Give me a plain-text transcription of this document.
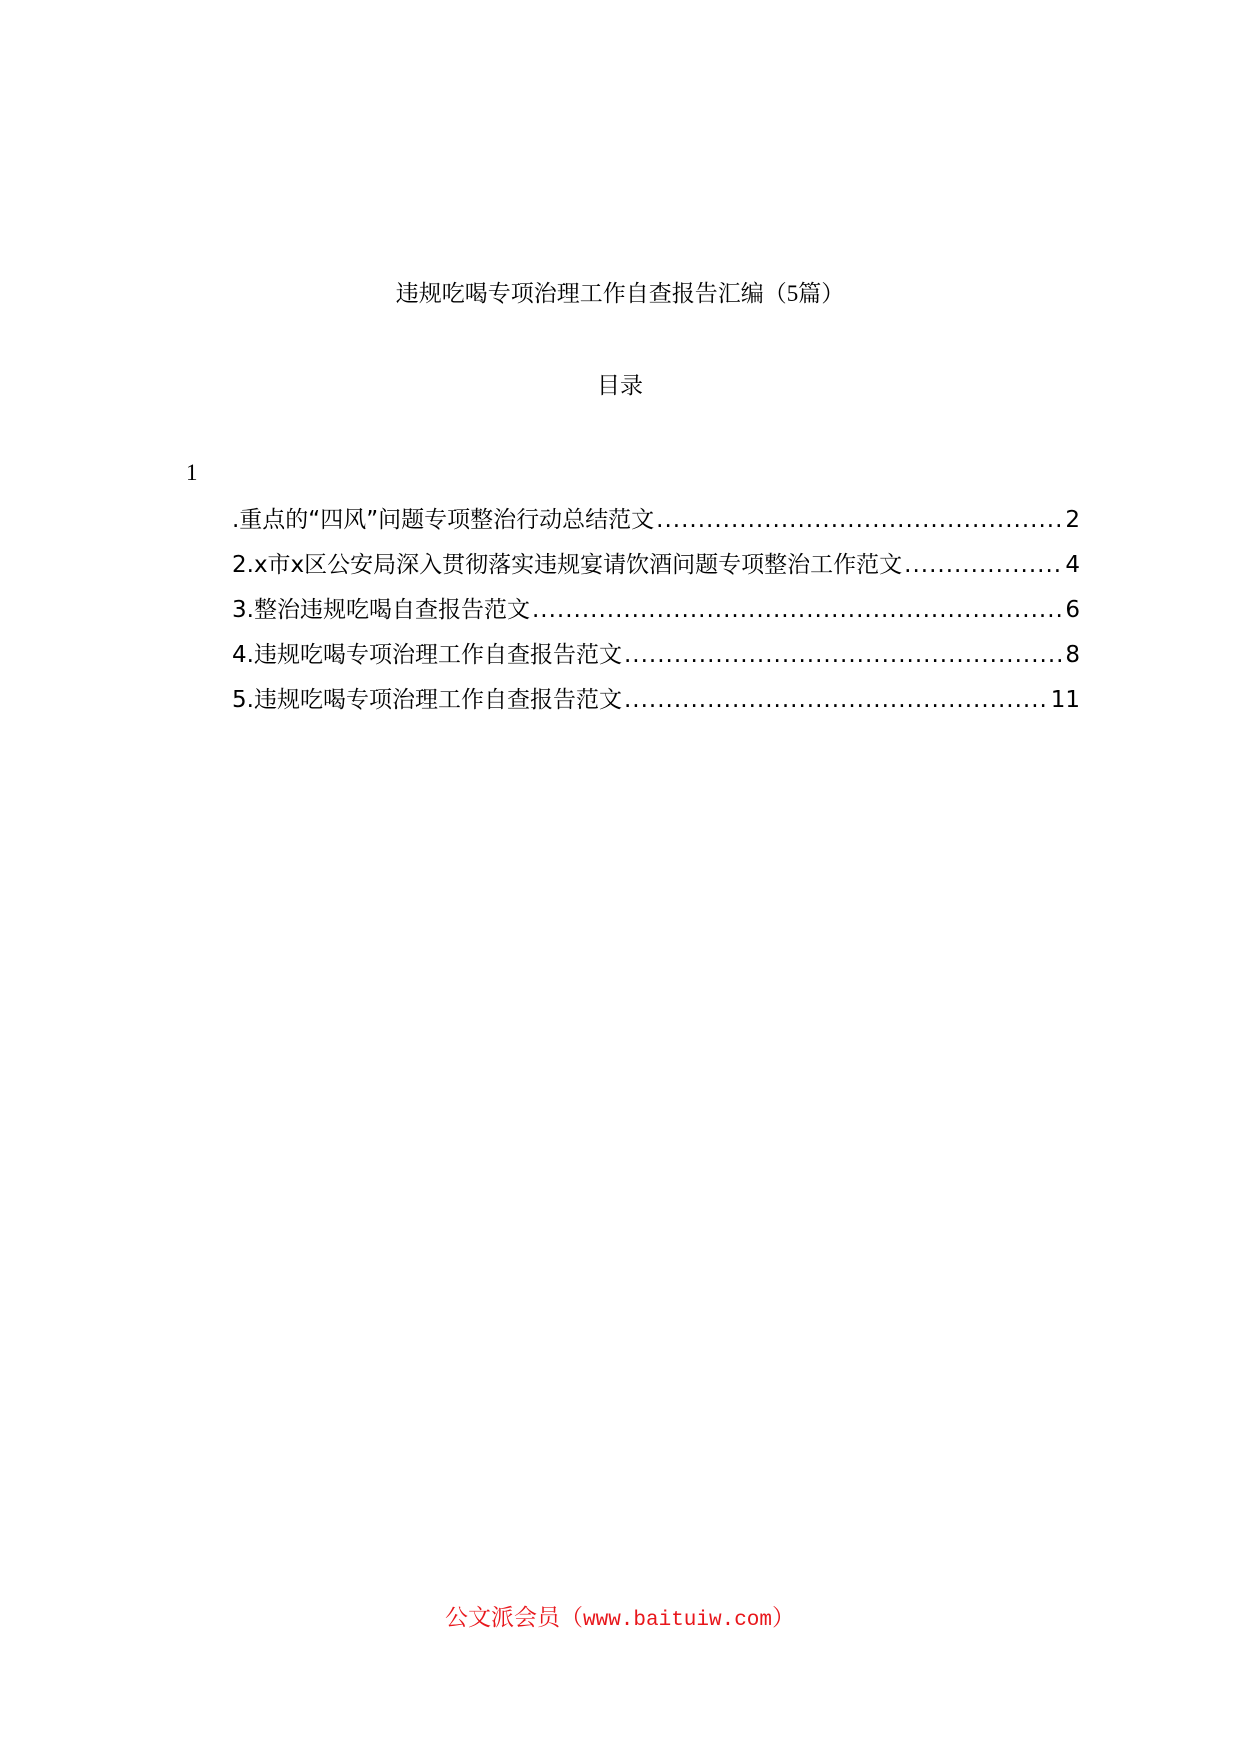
违规吃喝专项治理工作自查报告汇编（5篇）
目录
1
.重点的“四风”问题专项整治行动总结范文 .....	2
2.x市x区公安局深入贯彻落实违规宴请饮酒问题专项整治工作范文 .....	4
3.整治违规吃喝自查报告范文 .....	6
4.违规吃喝专项治理工作自查报告范文 .....	8
5.违规吃喝专项治理工作自查报告范文 .....	11
公文派会员（www.baituiw.com）
